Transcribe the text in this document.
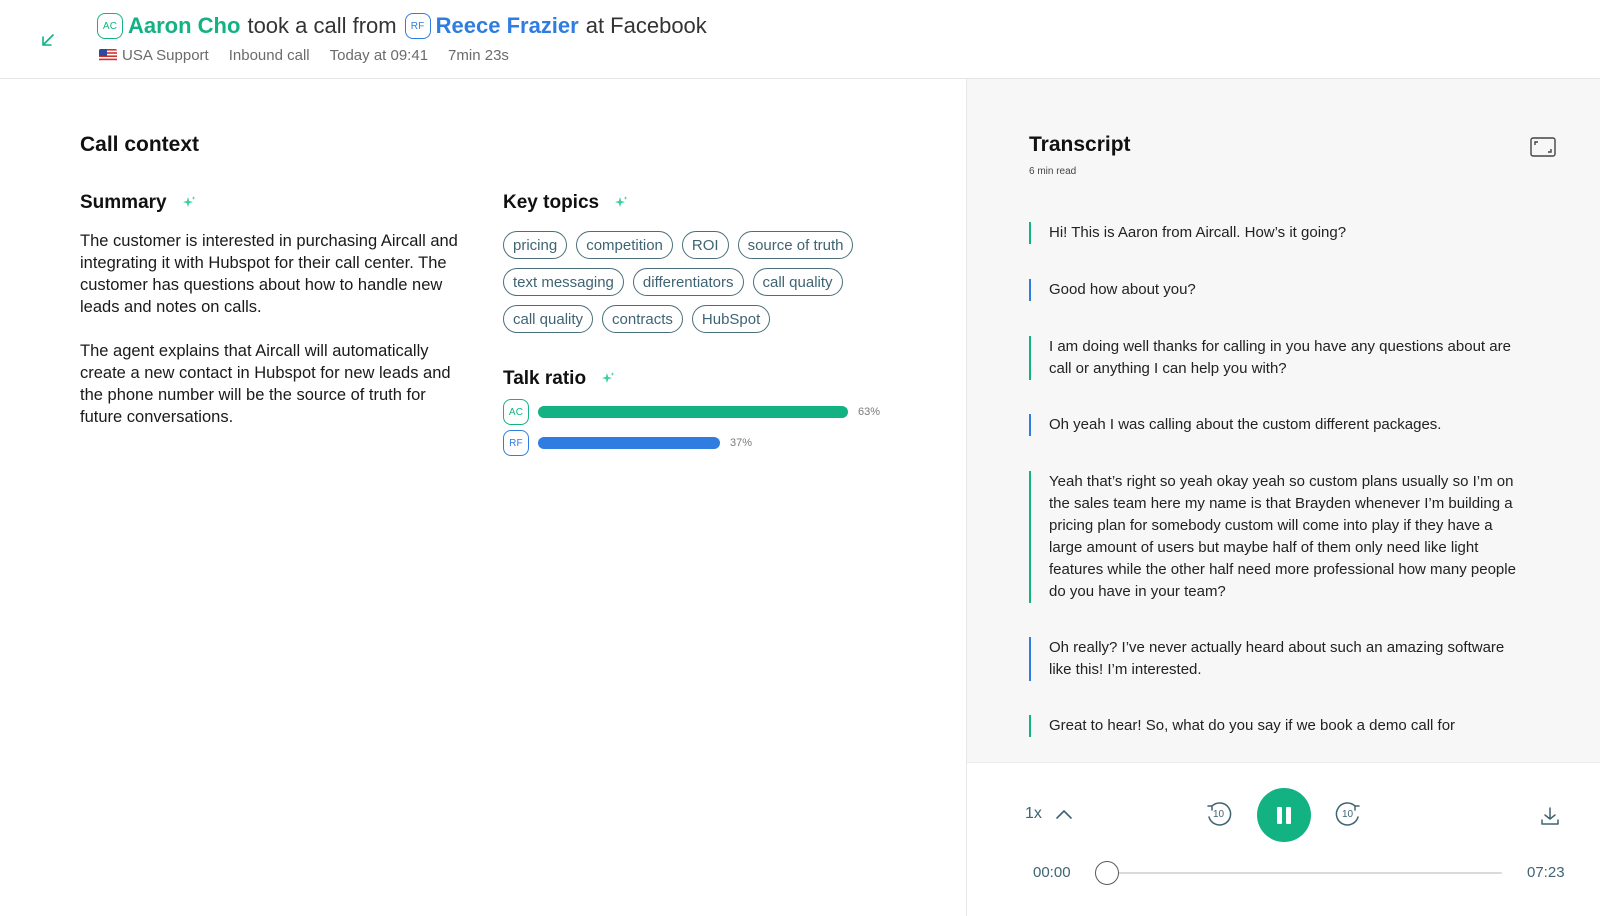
AC Aaron Cho took a call from	RF Reece Frazier at Facebook
USA Support Inbound call Today at 09:41 7min 23s
Call context
Summary

The customer is interested in purchasing Aircall and integrating it with Hubspot for their call center. The customer has questions about how to handle new leads and notes on calls.

The agent explains that Aircall will automatically create a new contact in Hubspot for new leads and the phone number will be the source of truth for future conversations.

Key topics
pricing	competition	ROI	source of truth
text messaging	differentiators	call quality
call quality	contracts	HubSpot
Talk ratio
AC	63%
RF	37%
Transcript
6 min read
Hi! This is Aaron from Aircall. How’s it going?
Good how about you?
I am doing well thanks for calling in you have any questions about are call or anything I can help you with?
Oh yeah I was calling about the custom different packages.
Yeah that’s right so yeah okay yeah so custom plans usually so I’m on the sales team here my name is that Brayden whenever I’m building a pricing plan for somebody custom will come into play if they have a large amount of users but maybe half of them only need like light features while the other half need more professional how many people do you have in your team?
Oh really? I’ve never actually heard about such an amazing software like this! I’m interested.
Great to hear! So, what do you say if we book a demo call for
1x	10	10
00:00	07:23
